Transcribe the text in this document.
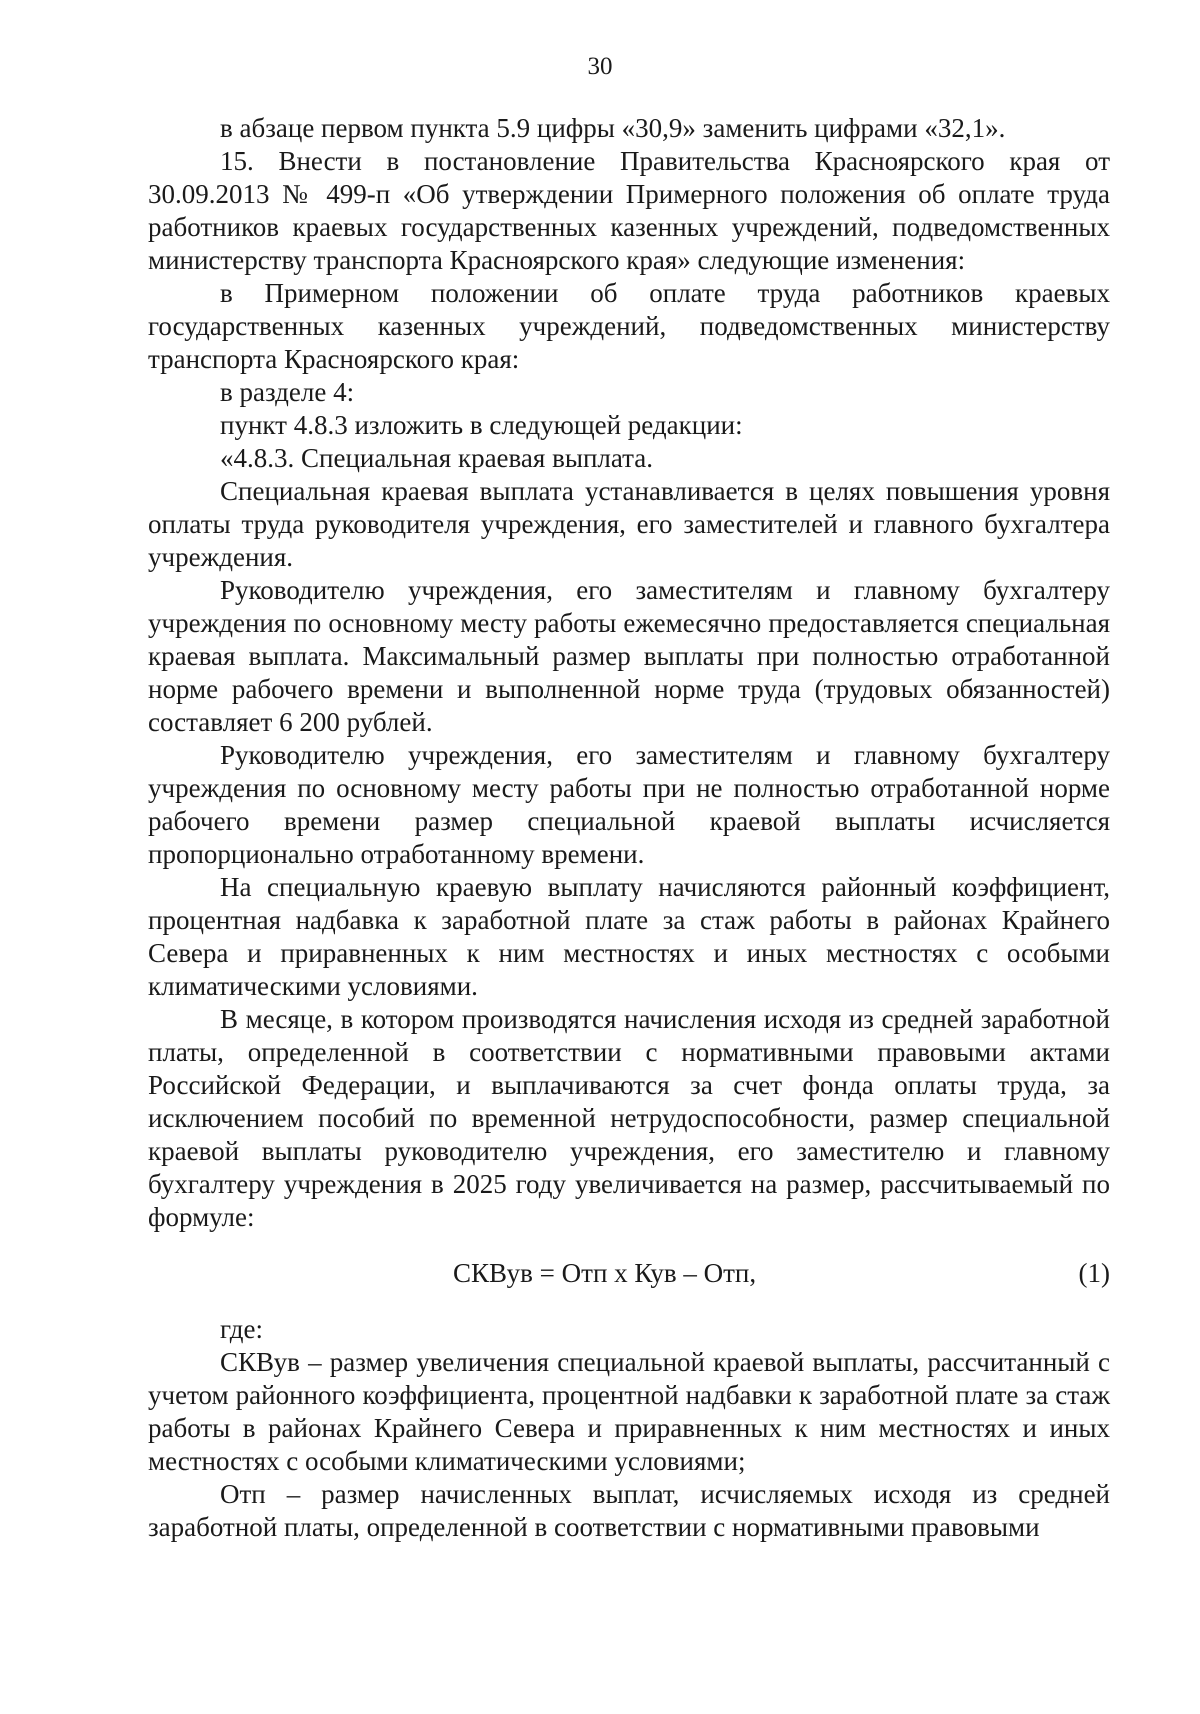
30

в абзаце первом пункта 5.9 цифры «30,9» заменить цифрами «32,1».

15. Внести в постановление Правительства Красноярского края от 30.09.2013 № 499-п «Об утверждении Примерного положения об оплате труда работников краевых государственных казенных учреждений, подведомственных министерству транспорта Красноярского края» следующие изменения:

в Примерном положении об оплате труда работников краевых государственных казенных учреждений, подведомственных министерству транспорта Красноярского края:

в разделе 4:

пункт 4.8.3 изложить в следующей редакции:

«4.8.3. Специальная краевая выплата.

Специальная краевая выплата устанавливается в целях повышения уровня оплаты труда руководителя учреждения, его заместителей и главного бухгалтера учреждения.

Руководителю учреждения, его заместителям и главному бухгалтеру учреждения по основному месту работы ежемесячно предоставляется специальная краевая выплата. Максимальный размер выплаты при полностью отработанной норме рабочего времени и выполненной норме труда (трудовых обязанностей) составляет 6 200 рублей.

Руководителю учреждения, его заместителям и главному бухгалтеру учреждения по основному месту работы при не полностью отработанной норме рабочего времени размер специальной краевой выплаты исчисляется пропорционально отработанному времени.

На специальную краевую выплату начисляются районный коэффициент, процентная надбавка к заработной плате за стаж работы в районах Крайнего Севера и приравненных к ним местностях и иных местностях с особыми климатическими условиями.

В месяце, в котором производятся начисления исходя из средней заработной платы, определенной в соответствии с нормативными правовыми актами Российской Федерации, и выплачиваются за счет фонда оплаты труда, за исключением пособий по временной нетрудоспособности, размер специальной краевой выплаты руководителю учреждения, его заместителю и главному бухгалтеру учреждения в 2025 году увеличивается на размер, рассчитываемый по формуле:

СКВув = Отп х Кув – Отп,	(1)

где:

СКВув – размер увеличения специальной краевой выплаты, рассчитанный с учетом районного коэффициента, процентной надбавки к заработной плате за стаж работы в районах Крайнего Севера и приравненных к ним местностях и иных местностях с особыми климатическими условиями;

Отп – размер начисленных выплат, исчисляемых исходя из средней заработной платы, определенной в соответствии с нормативными правовыми
